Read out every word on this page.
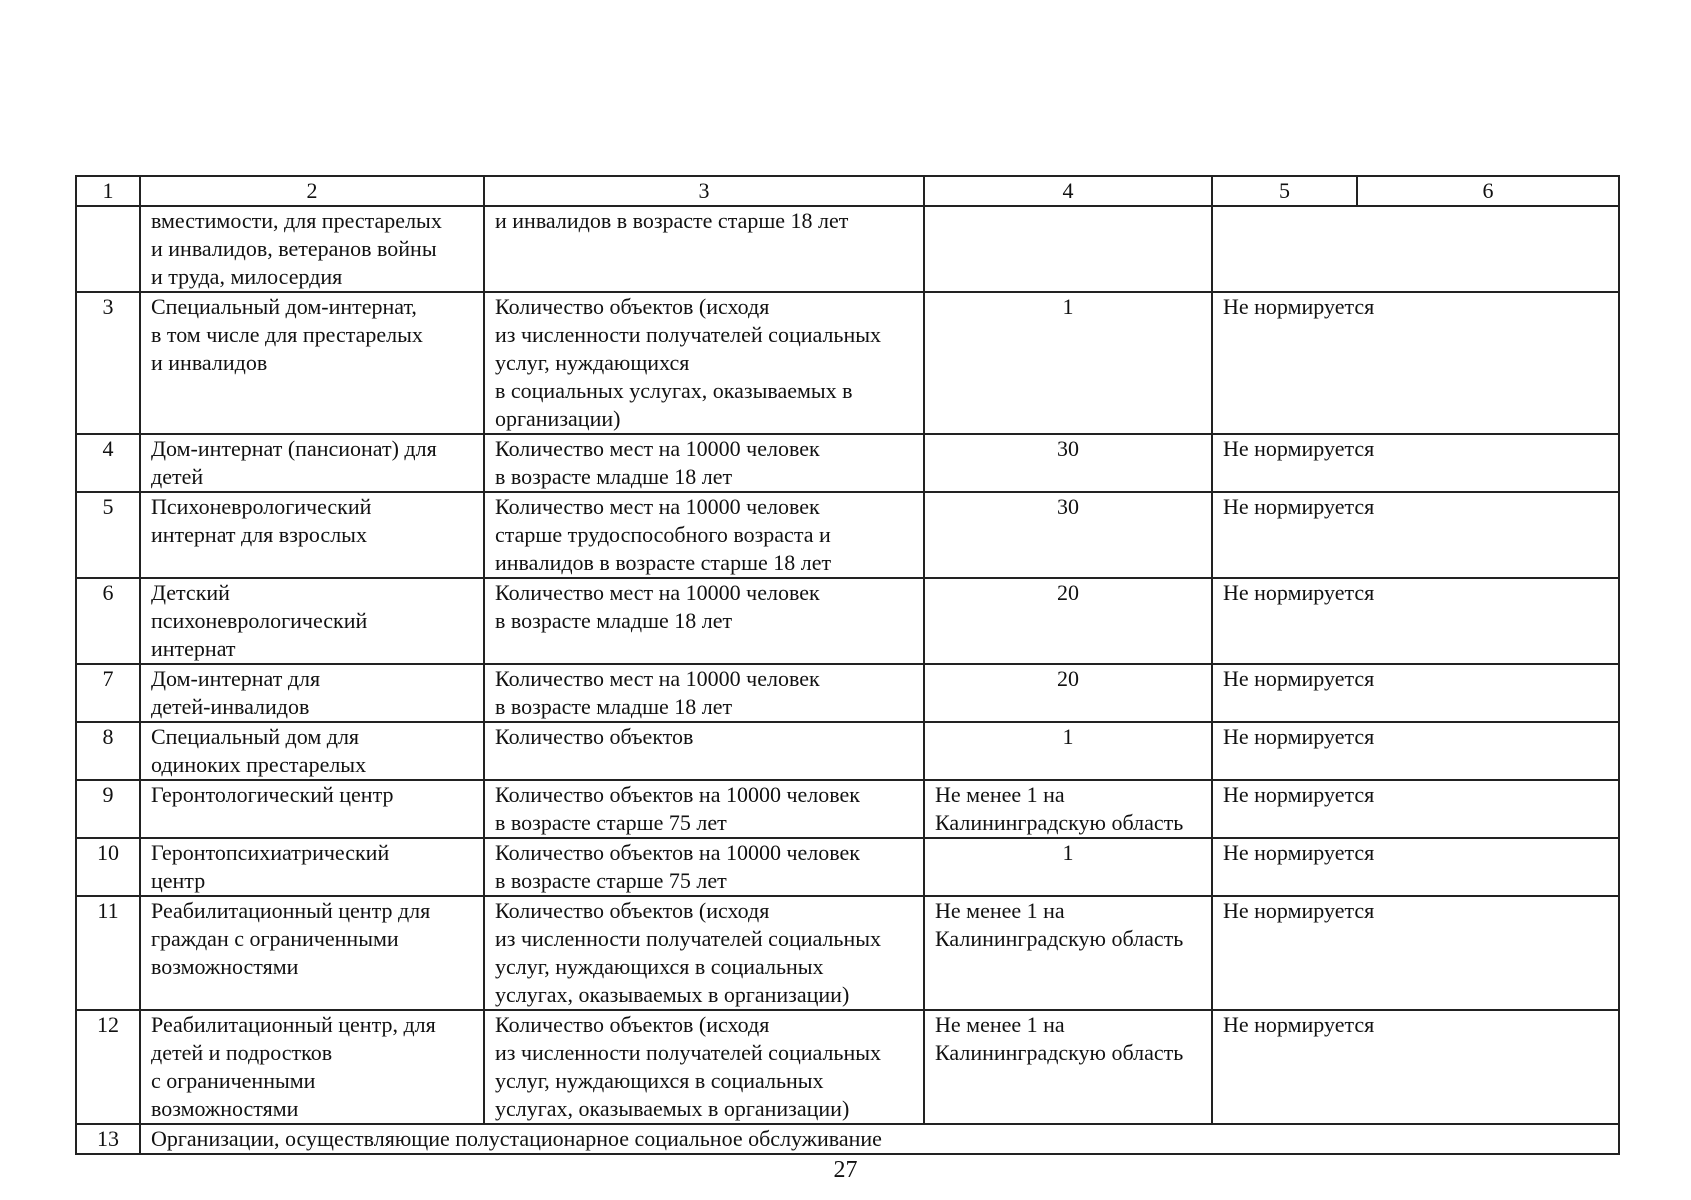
1	2	3	4	5	6
	вместимости, для престарелых
и инвалидов, ветеранов войны
и труда, милосердия	и инвалидов в возрасте старше 18 лет			
3	Специальный дом-интернат,
в том числе для престарелых
и инвалидов	Количество объектов (исходя
из численности получателей социальных
услуг, нуждающихся
в социальных услугах, оказываемых в
организации)	1	Не нормируется	
4	Дом-интернат (пансионат) для
детей	Количество мест на 10000 человек
в возрасте младше 18 лет	30	Не нормируется	
5	Психоневрологический
интернат для взрослых	Количество мест на 10000 человек
старше трудоспособного возраста и
инвалидов в возрасте старше 18 лет	30	Не нормируется	
6	Детский
психоневрологический
интернат	Количество мест на 10000 человек
в возрасте младше 18 лет	20	Не нормируется	
7	Дом-интернат для
детей-инвалидов	Количество мест на 10000 человек
в возрасте младше 18 лет	20	Не нормируется	
8	Специальный дом для
одиноких престарелых	Количество объектов	1	Не нормируется	
9	Геронтологический центр	Количество объектов на 10000 человек
в возрасте старше 75 лет	Не менее 1 на
Калининградскую область	Не нормируется	
10	Геронтопсихиатрический
центр	Количество объектов на 10000 человек
в возрасте старше 75 лет	1	Не нормируется	
11	Реабилитационный центр для
граждан с ограниченными
возможностями	Количество объектов (исходя
из численности получателей социальных
услуг, нуждающихся в социальных
услугах, оказываемых в организации)	Не менее 1 на
Калининградскую область	Не нормируется	
12	Реабилитационный центр, для
детей и подростков
с ограниченными
возможностями	Количество объектов (исходя
из численности получателей социальных
услуг, нуждающихся в социальных
услугах, оказываемых в организации)	Не менее 1 на
Калининградскую область	Не нормируется	
13	Организации, осуществляющие полустационарное социальное обслуживание				
27
